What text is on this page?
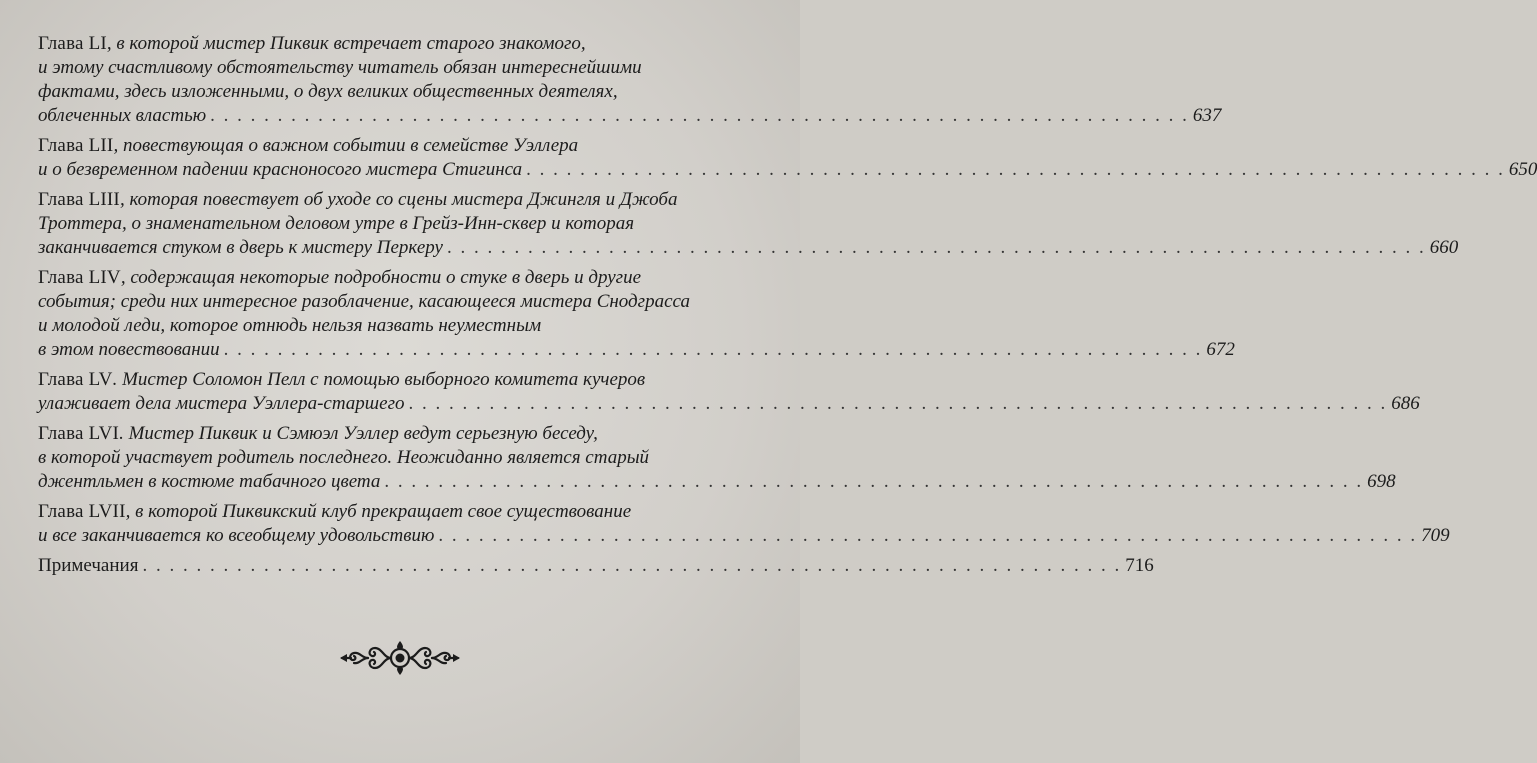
Глава LI, в которой мистер Пиквик встречает старого знакомого,
и этому счастливому обстоятельству читатель обязан интереснейшими
фактами, здесь изложенными, о двух великих общественных деятелях,
облеченных властью . . . . . . . . . . . . . . . . . . . . . . . . . . . . . . . . . . . . . . . . . . . . . . . . . . . . . . . . . . . . . . . . . . . . . . . . . 637
Глава LII, повествующая о важном событии в семействе Уэллера
и о безвременном падении красноносого мистера Стигинса . . . . . . . . . . . . . . . . . . . . . . . . . . . . . . . . . . . . . . . . . . . . . . . . . . . . . . . . . . . . . . . . . . . . . . . . . 650
Глава LIII, которая повествует об уходе со сцены мистера Джингля и Джоба
Троттера, о знаменательном деловом утре в Грейз-Инн-сквер и которая
заканчивается стуком в дверь к мистеру Перкеру . . . . . . . . . . . . . . . . . . . . . . . . . . . . . . . . . . . . . . . . . . . . . . . . . . . . . . . . . . . . . . . . . . . . . . . . . 660
Глава LIV, содержащая некоторые подробности о стуке в дверь и другие
события; среди них интересное разоблачение, касающееся мистера Снодграсса
и молодой леди, которое отнюдь нельзя назвать неуместным
в этом повествовании . . . . . . . . . . . . . . . . . . . . . . . . . . . . . . . . . . . . . . . . . . . . . . . . . . . . . . . . . . . . . . . . . . . . . . . . . 672
Глава LV. Мистер Соломон Пелл с помощью выборного комитета кучеров
улаживает дела мистера Уэллера-старшего . . . . . . . . . . . . . . . . . . . . . . . . . . . . . . . . . . . . . . . . . . . . . . . . . . . . . . . . . . . . . . . . . . . . . . . . . 686
Глава LVI. Мистер Пиквик и Сэмюэл Уэллер ведут серьезную беседу,
в которой участвует родитель последнего. Неожиданно является старый
джентльмен в костюме табачного цвета . . . . . . . . . . . . . . . . . . . . . . . . . . . . . . . . . . . . . . . . . . . . . . . . . . . . . . . . . . . . . . . . . . . . . . . . . 698
Глава LVII, в которой Пиквикский клуб прекращает свое существование
и все заканчивается ко всеобщему удовольствию . . . . . . . . . . . . . . . . . . . . . . . . . . . . . . . . . . . . . . . . . . . . . . . . . . . . . . . . . . . . . . . . . . . . . . . . . 709
Примечания . . . . . . . . . . . . . . . . . . . . . . . . . . . . . . . . . . . . . . . . . . . . . . . . . . . . . . . . . . . . . . . . . . . . . . . . . 716
